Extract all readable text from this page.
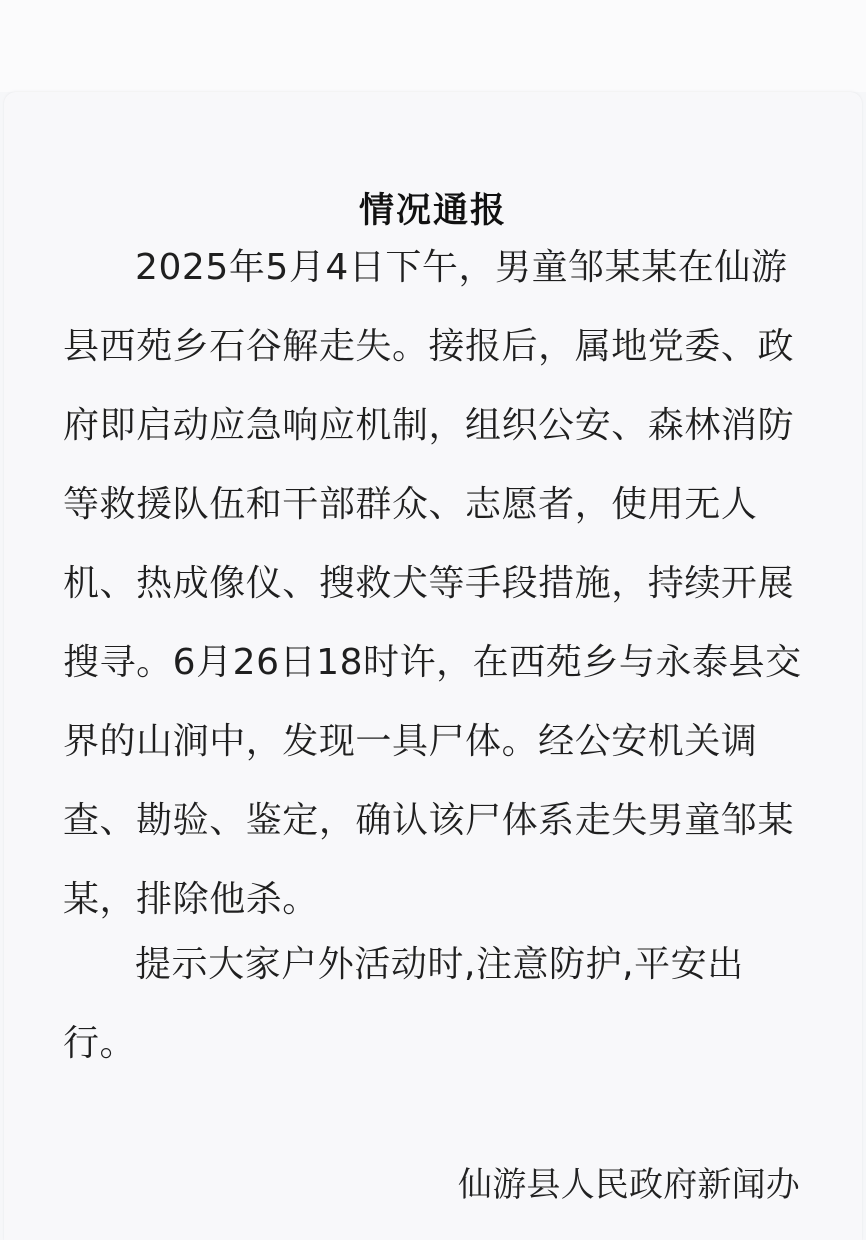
情况通报

2025年5月4日下午，男童邹某某在仙游县西苑乡石谷解走失。接报后，属地党委、政府即启动应急响应机制，组织公安、森林消防等救援队伍和干部群众、志愿者，使用无人机、热成像仪、搜救犬等手段措施，持续开展搜寻。6月26日18时许，在西苑乡与永泰县交界的山涧中，发现一具尸体。经公安机关调查、勘验、鉴定，确认该尸体系走失男童邹某某，排除他杀。

提示大家户外活动时,注意防护,平安出行。

仙游县人民政府新闻办
